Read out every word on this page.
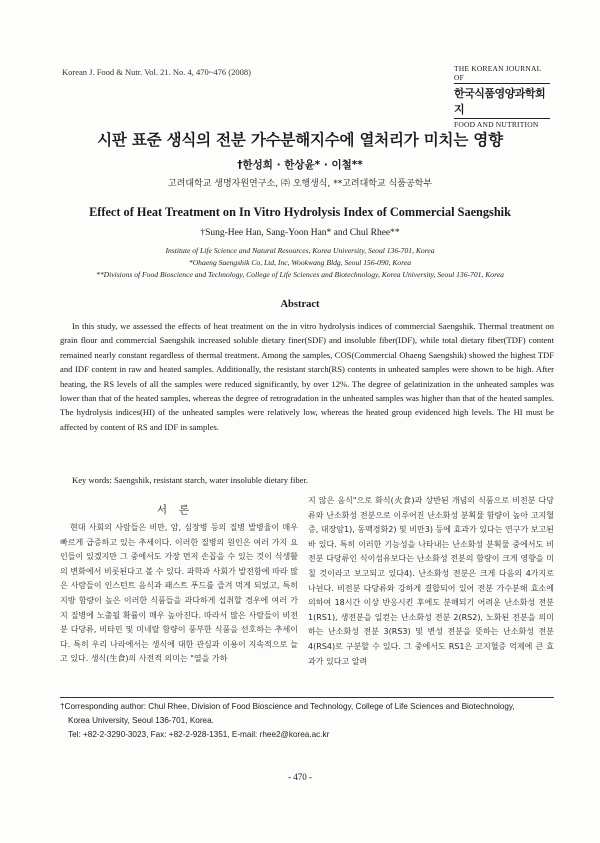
Korean J. Food & Nutr. Vol. 21. No. 4, 470~476 (2008)	THE KOREAN JOURNAL OF
한국식품영양과학회지
FOOD AND NUTRITION
시판 표준 생식의 전분 가수분해지수에 열처리가 미치는 영향
†한성희 · 한상윤* · 이철**
고려대학교 생명자원연구소, ㈜ 오행생식, **고려대학교 식품공학부
Effect of Heat Treatment on In Vitro Hydrolysis Index of Commercial Saengshik
†Sung-Hee Han, Sang-Yoon Han* and Chul Rhee**
Institute of Life Science and Natural Resources, Korea University, Seoul 136-701, Korea
*Ohaeng Saengshik Co, Ltd, Inc, Wookwang Bldg, Seoul 156-090, Korea
**Divisions of Food Bioscience and Technology, College of Life Sciences and Biotechnology, Korea University, Seoul 136-701, Korea
Abstract

In this study, we assessed the effects of heat treatment on the in vitro hydrolysis indices of commercial Saengshik. Thermal treatment on grain flour and commercial Saengshik increased soluble dietary finer(SDF) and insoluble fiber(IDF), while total dietary fiber(TDF) content remained nearly constant regardless of thermal treatment. Among the samples, COS(Commercial Ohaeng Saengshik) showed the highest TDF and IDF content in raw and heated samples. Additionally, the resistant starch(RS) contents in unheated samples were shown to be high. After heating, the RS levels of all the samples were reduced significantly, by over 12%. The degree of gelatinization in the unheated samples was lower than that of the heated samples, whereas the degree of retrogradation in the unheated samples was higher than that of the heated samples. The hydrolysis indices(HI) of the unheated samples were relatively low, whereas the heated group evidenced high levels. The HI must be affected by content of RS and IDF in samples.

Key words: Saengshik, resistant starch, water insoluble dietary fiber.
서론

현대 사회의 사람들은 비만, 암, 심장병 등의 질병 발병율이 매우 빠르게 급증하고 있는 추세이다. 이러한 질병의 원인은 여러 가지 요인들이 있겠지만 그 중에서도 가장 먼저 손꼽을 수 있는 것이 식생활의 변화에서 비롯된다고 볼 수 있다. 과학과 사회가 발전함에 따라 많은 사람들이 인스턴트 음식과 패스트 푸드를 즐겨 먹게 되었고, 특히 지방 함량이 높은 이러한 식품들을 과다하게 섭취할 경우에 여러 가지 질병에 노출될 확률이 매우 높아진다. 따라서 많은 사람들이 비전분 다당류, 비타민 및 미네랄 함량이 풍부한 식품을 선호하는 추세이다. 특히 우리 나라에서는 생식에 대한 관심과 이용이 지속적으로 늘고 있다. 생식(生食)의 사전적 의미는 "열을 가하

지 않은 음식"으로 화식(火食)과 상반된 개념의 식품으로 비전분 다당류와 난소화성 전분으로 이루어진 난소화성 분획물 함량이 높아 고지혈증, 대장암1), 동맥경화2) 및 비만3) 등에 효과가 있다는 연구가 보고된 바 있다. 특히 이러한 기능성을 나타내는 난소화성 분획물 중에서도 비전분 다당류인 식이섬유보다는 난소화성 전분의 함량이 크게 영향을 미칠 것이라고 보고되고 있다4). 난소화성 전분은 크게 다음의 4가지로 나뉜다. 비전분 다당류와 강하게 결합되어 있어 전분 가수분해 효소에 의하여 18시간 이상 반응시킨 후에도 분해되기 어려운 난소화성 전분 1(RS1), 생전분을 일컫는 난소화성 전분 2(RS2), 노화된 전분을 의미하는 난소화성 전분 3(RS3) 및 변성 전분을 뜻하는 난소화성 전분 4(RS4)로 구분할 수 있다. 그 중에서도 RS1은 고지혈증 억제에 큰 효과가 있다고 알려

†Corresponding author: Chul Rhee, Division of Food Bioscience and Technology, College of Life Sciences and Biotechnology,
Korea University, Seoul 136-701, Korea.
Tel: +82-2-3290-3023, Fax: +82-2-928-1351, E-mail: rhee2@korea.ac.kr
- 470 -
